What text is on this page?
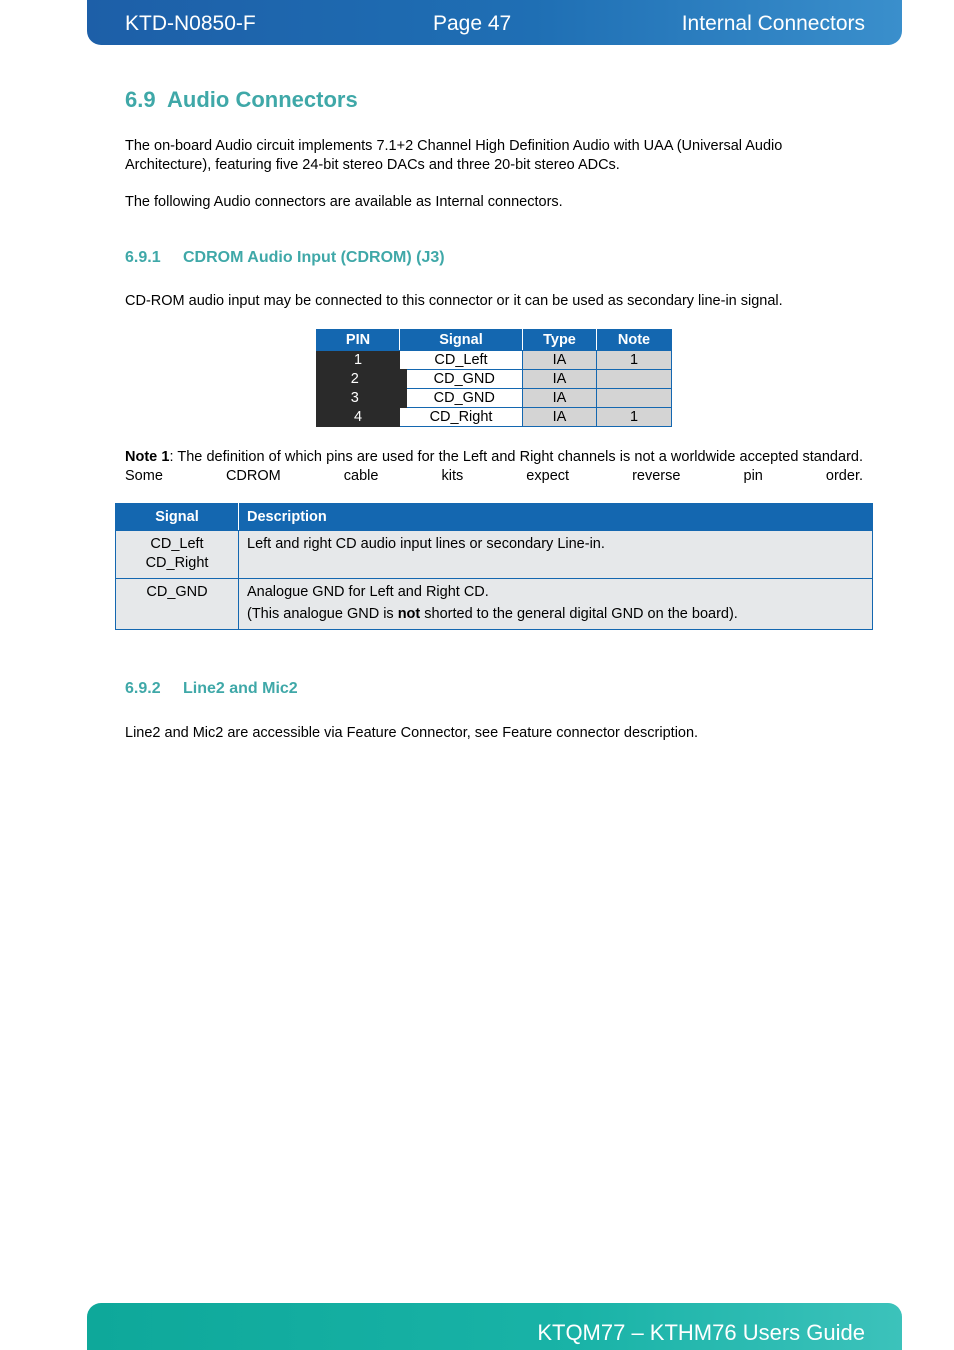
KTD-N0850-F	Page 47	Internal Connectors
6.9 Audio Connectors

The on-board Audio circuit implements 7.1+2 Channel High Definition Audio with UAA (Universal Audio Architecture), featuring five 24-bit stereo DACs and three 20-bit stereo ADCs.

The following Audio connectors are available as Internal connectors.

6.9.1 CDROM Audio Input (CDROM) (J3)

CD-ROM audio input may be connected to this connector or it can be used as secondary line-in signal.

PIN	Signal	Type	Note
1	CD_Left	IA	1
2	CD_GND	IA	
3	CD_GND	IA	
4	CD_Right	IA	1

Note 1: The definition of which pins are used for the Left and Right channels is not a worldwide accepted standard. Some CDROM cable kits expect reverse pin order.

Signal	Description

CD_Left
CD_Right	Left and right CD audio input lines or secondary Line-in.
CD_GND	Analogue GND for Left and Right CD.
(This analogue GND is not shorted to the general digital GND on the board).
6.9.2 Line2 and Mic2

Line2 and Mic2 are accessible via Feature Connector, see Feature connector description.

KTQM77 – KTHM76 Users Guide
